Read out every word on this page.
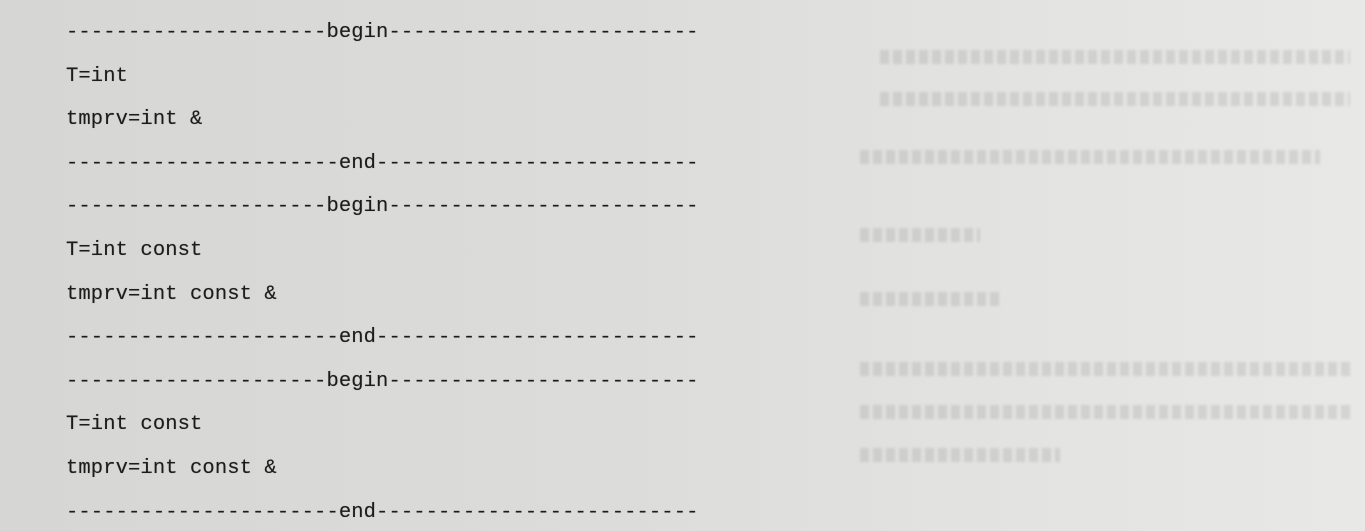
---------------------begin-------------------------
T=int
tmprv=int &
----------------------end--------------------------
---------------------begin-------------------------
T=int const
tmprv=int const &
----------------------end--------------------------
---------------------begin-------------------------
T=int const
tmprv=int const &
----------------------end--------------------------
